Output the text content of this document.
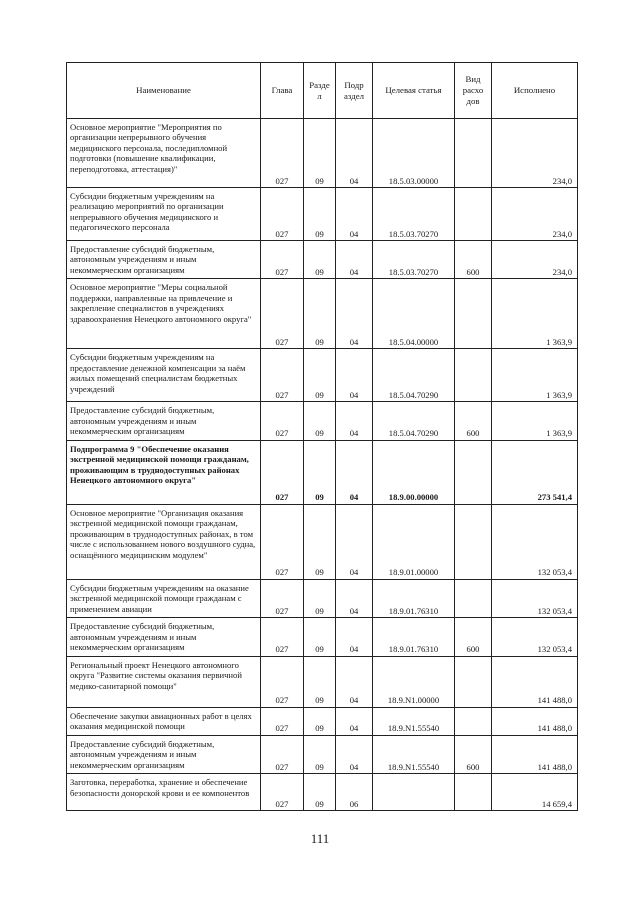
Наименование	Глава	Разде л	Подр аздел	Целевая статья	Вид расхо дов	Исполнено
Основное мероприятие "Мероприятия по организации непрерывного обучения медицинского персонала, последипломной подготовки (повышение квалификации, переподготовка, аттестация)"	027	09	04	18.5.03.00000		234,0
Субсидии бюджетным учреждениям на реализацию мероприятий по организации непрерывного обучения медицинского и педагогического персонала	027	09	04	18.5.03.70270		234,0
Предоставление субсидий бюджетным, автономным учреждениям и иным некоммерческим организациям	027	09	04	18.5.03.70270	600	234,0
Основное мероприятие "Меры социальной поддержки, направленные на привлечение и закрепление специалистов в учреждениях здравоохранения Ненецкого автономного округа"	027	09	04	18.5.04.00000		1 363,9
Субсидии бюджетным учреждениям на предоставление денежной компенсации за наём жилых помещений специалистам бюджетных учреждений	027	09	04	18.5.04.70290		1 363,9
Предоставление субсидий бюджетным, автономным учреждениям и иным некоммерческим организациям	027	09	04	18.5.04.70290	600	1 363,9
Подпрограмма 9 "Обеспечение оказания экстренной медицинской помощи гражданам, проживающим в труднодоступных районах Ненецкого автономного округа"	027	09	04	18.9.00.00000		273 541,4
Основное мероприятие "Организация оказания экстренной медицинской помощи гражданам, проживающим в труднодоступных районах, в том числе с использованием нового воздушного судна, оснащённого медицинским модулем"	027	09	04	18.9.01.00000		132 053,4
Субсидии бюджетным учреждениям на оказание экстренной медицинской помощи гражданам с применением авиации	027	09	04	18.9.01.76310		132 053,4
Предоставление субсидий бюджетным, автономным учреждениям и иным некоммерческим организациям	027	09	04	18.9.01.76310	600	132 053,4
Региональный проект Ненецкого автономного округа "Развитие системы оказания первичной медико-санитарной помощи"	027	09	04	18.9.N1.00000		141 488,0
Обеспечение закупки авиационных работ в целях оказания медицинской помощи	027	09	04	18.9.N1.55540		141 488,0
Предоставление субсидий бюджетным, автономным учреждениям и иным некоммерческим организациям	027	09	04	18.9.N1.55540	600	141 488,0
Заготовка, переработка, хранение и обеспечение безопасности донорской крови и ее компонентов	027	09	06			14 659,4
111
